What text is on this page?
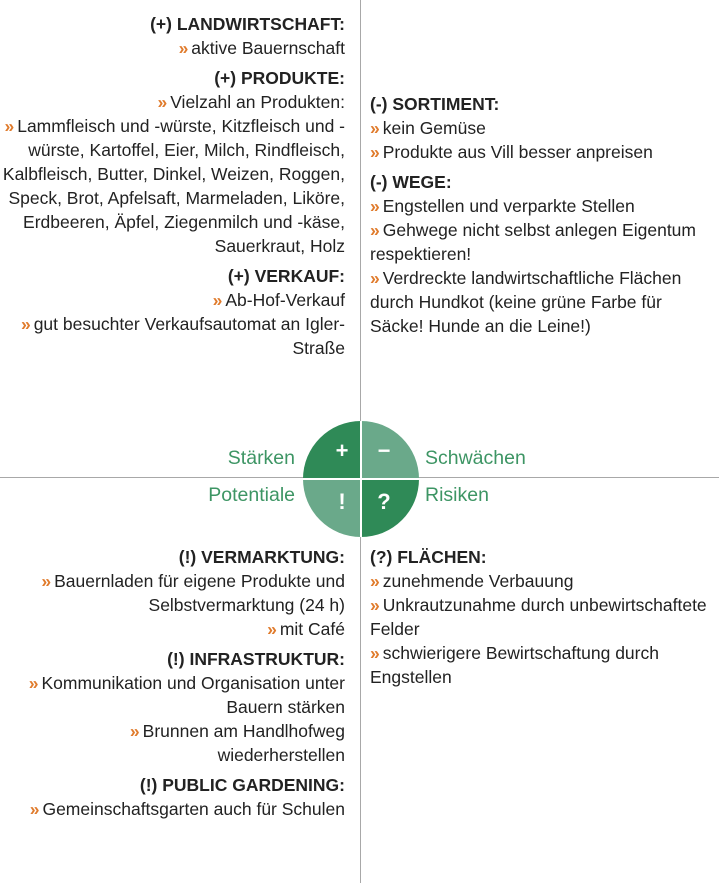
(+) LANDWIRTSCHAFT:
» aktive Bauernschaft
(+) PRODUKTE:
» Vielzahl an Produkten:
» Lammfleisch und -würste, Kitzfleisch und -würste, Kartoffel, Eier, Milch, Rindfleisch, Kalbfleisch, Butter, Dinkel, Weizen, Roggen, Speck, Brot, Apfelsaft, Marmeladen, Liköre, Erdbeeren, Äpfel, Ziegenmilch und -käse, Sauerkraut, Holz
(+) VERKAUF:
» Ab-Hof-Verkauf
» gut besuchter Verkaufsautomat an Igler-Straße
(-) SORTIMENT:
» kein Gemüse
» Produkte aus Vill besser anpreisen
(-) WEGE:
» Engstellen und verparkte Stellen
» Gehwege nicht selbst anlegen Eigentum respektieren!
» Verdreckte landwirtschaftliche Flächen durch Hundkot (keine grüne Farbe für Säcke! Hunde an die Leine!)
(!) VERMARKTUNG:
» Bauernladen für eigene Produkte und Selbstvermarktung (24 h)
» mit Café
(!) INFRASTRUKTUR:
» Kommunikation und Organisation unter Bauern stärken
» Brunnen am Handlhofweg wiederherstellen
(!) PUBLIC GARDENING:
» Gemeinschaftsgarten auch für Schulen
(?) FLÄCHEN:
» zunehmende Verbauung
» Unkrautzunahme durch unbewirtschaftete Felder
» schwierigere Bewirtschaftung durch Engstellen
+	−
!	?
Stärken	Schwächen
Potentiale	Risiken
